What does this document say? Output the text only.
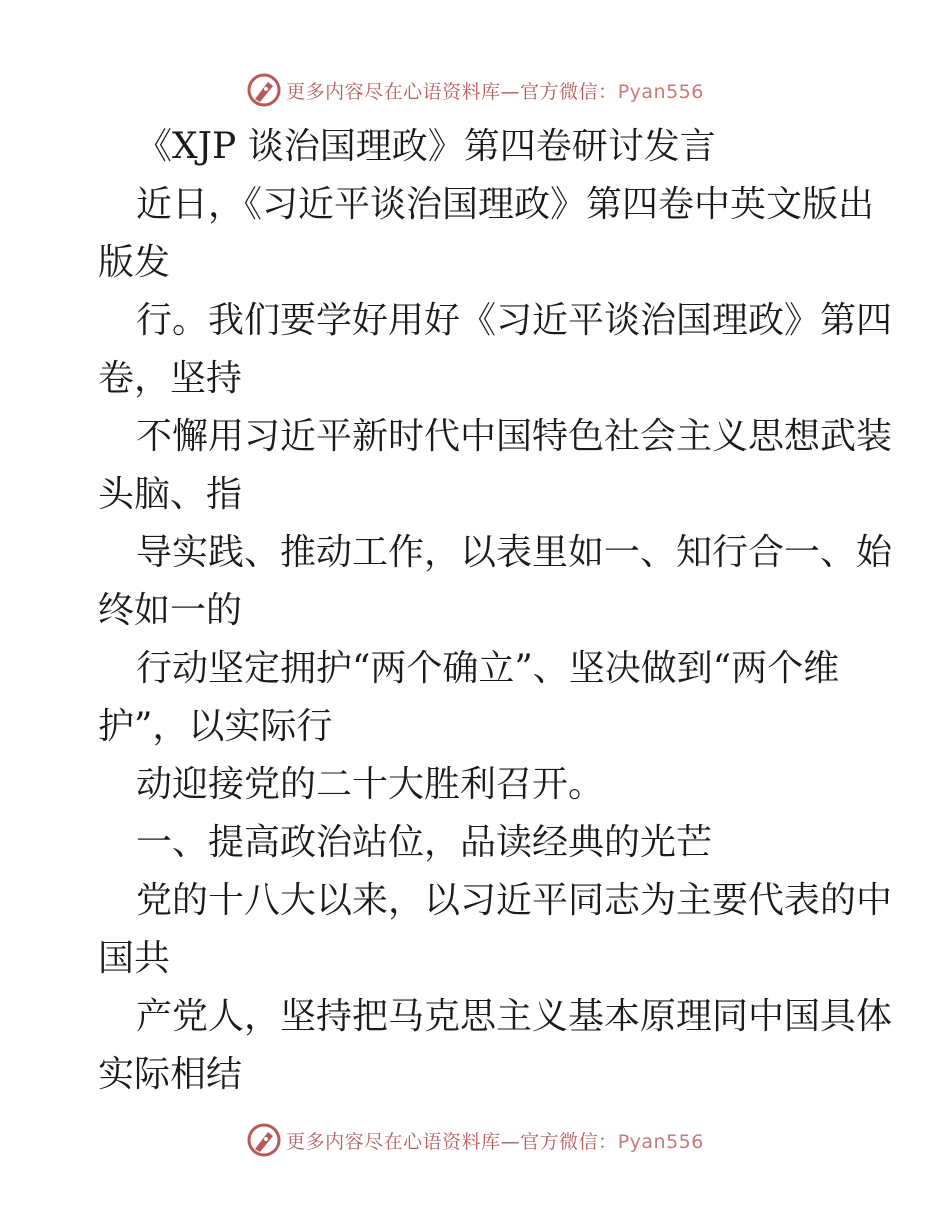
更多内容尽在心语资料库—官方微信：Pyan556
《XJP 谈治国理政》第四卷研讨发言
近日，《习近平谈治国理政》第四卷中英文版出
版发
行。我们要学好用好《习近平谈治国理政》第四
卷，坚持
不懈用习近平新时代中国特色社会主义思想武装
头脑、指
导实践、推动工作，以表里如一、知行合一、始
终如一的
行动坚定拥护“两个确立”、坚决做到“两个维
护”，以实际行
动迎接党的二十大胜利召开。
一、提高政治站位，品读经典的光芒
党的十八大以来，以习近平同志为主要代表的中
国共
产党人，坚持把马克思主义基本原理同中国具体
实际相结
更多内容尽在心语资料库—官方微信：Pyan556
